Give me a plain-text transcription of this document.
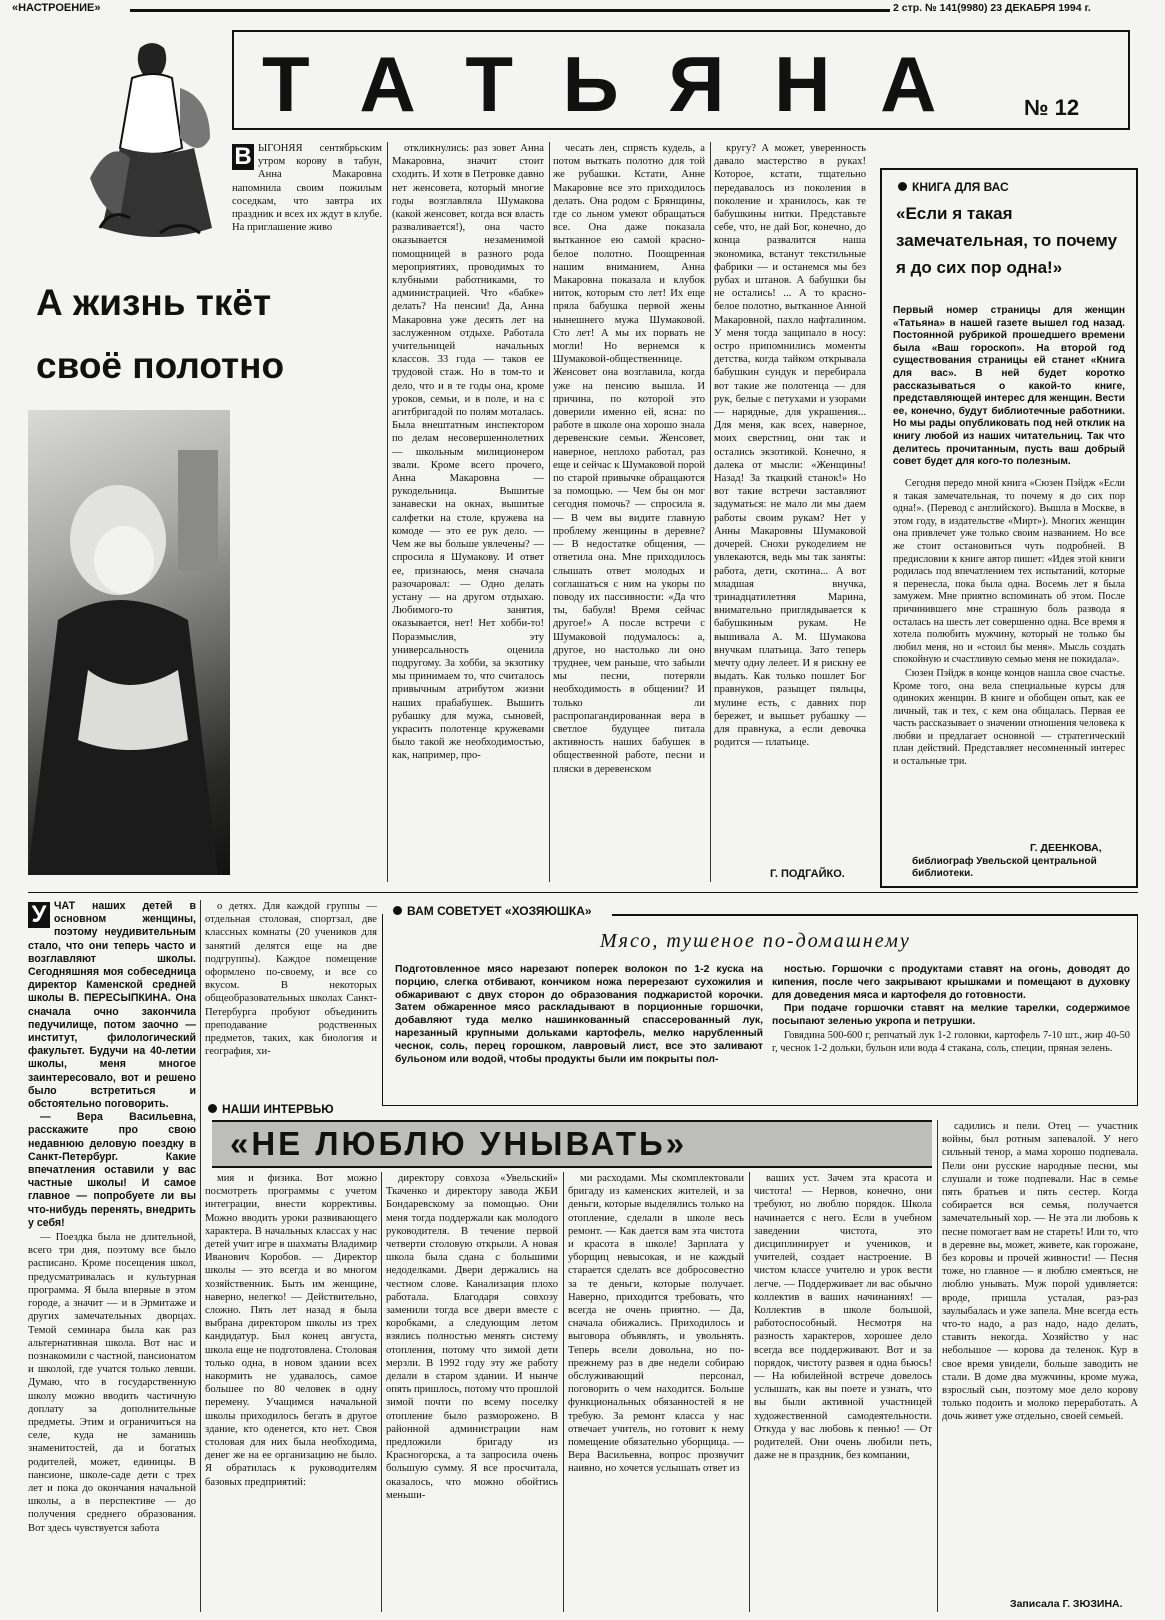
«НАСТРОЕНИЕ»	2 стр. № 141(9980) 23 ДЕКАБРЯ 1994 г.
Т А Т Ь Я Н А	№ 12
А жизнь ткёт
своё полотно
В ЫГОНЯЯ сентябрьским утром корову в табун, Анна Макаровна напомнила своим пожилым соседкам, что завтра их праздник и всех их ждут в клубе. На приглашение живо

откликнулись: раз зовет Анна Макаровна, значит стоит сходить. И хотя в Петровке давно нет женсовета, который многие годы возглавляла Шумакова (какой женсовет, когда вся власть разваливается!), она часто оказывается незаменимой помощницей в разного рода мероприятиях, проводимых то клубными работниками, то администрацией. Что «бабке» делать? На пенсии! Да, Анна Макаровна уже десять лет на заслуженном отдыхе. Работала учительницей начальных классов. 33 года — таков ее трудовой стаж. Но в том-то и дело, что и в те годы она, кроме уроков, семьи, и в поле, и на с агитбригадой по полям моталась. Была внештатным инспектором по делам несовершеннолетних — школьным милиционером звали. Кроме всего прочего, Анна Макаровна — рукодельница. Вышитые занавески на окнах, вышитые салфетки на столе, кружева на комоде — это ее рук дело. — Чем же вы больше увлечены? — спросила я Шумакову. И ответ ее, признаюсь, меня сначала разочаровал: — Одно делать устану — на другом отдыхаю. Любимого-то занятия, оказывается, нет! Нет хобби-то! Поразмыслив, эту универсальность оценила подругому. За хобби, за экзотику мы принимаем то, что считалось привычным атрибутом жизни наших прабабушек. Вышить рубашку для мужа, сыновей, украсить полотенце кружевами было такой же необходимостью, как, например, про-

чесать лен, спрясть кудель, а потом выткать полотно для той же рубашки. Кстати, Анне Макаровне все это приходилось делать. Она родом с Брянщины, где со льном умеют обращаться все. Она даже показала вытканное ею самой красно-белое полотно. Поощренная нашим вниманием, Анна Макаровна показала и клубок ниток, которым сто лет! Их еще пряла бабушка первой жены нынешнего мужа Шумаковой. Сто лет! А мы их порвать не могли! Но вернемся к Шумаковой-общественнице. Женсовет она возглавила, когда уже на пенсию вышла. И причина, по которой это доверили именно ей, ясна: по работе в школе она хорошо знала деревенские семьи. Женсовет, наверное, неплохо работал, раз еще и сейчас к Шумаковой порой по старой привычке обращаются за помощью. — Чем бы он мог сегодня помочь? — спросила я. — В чем вы видите главную проблему женщины в деревне? — В недостатке общения, — ответила она. Мне приходилось слышать ответ молодых и соглашаться с ним на укоры по поводу их пассивности: «Да что ты, бабуля! Время сейчас другое!» А после встречи с Шумаковой подумалось: а, другое, но настолько ли оно труднее, чем раньше, что забыли мы песни, потеряли необходимость в общении? И только ли распропагандированная вера в светлое будущее питала активность наших бабушек в общественной работе, песни и пляски в деревенском

кругу? А может, уверенность давало мастерство в руках! Которое, кстати, тщательно передавалось из поколения в поколение и хранилось, как те бабушкины нитки. Представьте себе, что, не дай Бог, конечно, до конца развалится наша экономика, встанут текстильные фабрики — и останемся мы без рубах и штанов. А бабушки бы не остались! ... А то красно-белое полотно, вытканное Анной Макаровной, пахло нафталином. У меня тогда защипало в носу: остро припомнились моменты детства, когда тайком открывала бабушкин сундук и перебирала вот такие же полотенца — для рук, белые с петухами и узорами — нарядные, для украшения... Для меня, как всех, наверное, моих сверстниц, они так и остались экзотикой. Конечно, я далека от мысли: «Женщины! Назад! За ткацкий станок!» Но вот такие встречи заставляют задуматься: не мало ли мы даем работы своим рукам? Нет у Анны Макаровны Шумаковой дочерей. Снохи рукоделием не увлекаются, ведь мы так заняты: работа, дети, скотина... А вот младшая внучка, тринадцатилетняя Марина, внимательно приглядывается к бабушкиным рукам. Не вышивала А. М. Шумакова внучкам платьица. Зато теперь мечту одну лелеет. И я рискну ее выдать. Как только пошлет Бог правнуков, разыщет пяльцы, мулине есть, с давних пор бережет, и вышьет рубашку — для правнука, а если девочка родится — платьице.

Г. ПОДГАЙКО.
КНИГА ДЛЯ ВАС
«Если я такая замечательная, то почему я до сих пор одна!»
Первый номер страницы для женщин «Татьяна» в нашей газете вышел год назад. Постоянной рубрикой прошедшего времени была «Ваш гороскоп». На второй год существования страницы ей станет «Книга для вас». В ней будет коротко рассказываться о какой-то книге, представляющей интерес для женщин. Вести ее, конечно, будут библиотечные работники. Но мы рады опубликовать под ней отклик на книгу любой из наших читательниц. Так что делитесь прочитанным, пусть ваш добрый совет будет для кого-то полезным.

Сегодня передо мной книга «Сюзен Пэйдж «Если я такая замечательная, то почему я до сих пор одна!». (Перевод с английского). Вышла в Москве, в этом году, в издательстве «Мирт»). Многих женщин она привлечет уже только своим названием. Но все же стоит остановиться чуть подробней. В предисловии к книге автор пишет: «Идея этой книги родилась под впечатлением тех испытаний, которые я перенесла, пока была одна. Восемь лет я была замужем. Мне приятно вспоминать об этом. После причинившего мне страшную боль развода я осталась на шесть лет совершенно одна. Все время я хотела полюбить мужчину, который не только бы любил меня, но и «стоил бы меня». Мысль создать спокойную и счастливую семью меня не покидала».

Сюзен Пэйдж в конце концов нашла свое счастье. Кроме того, она вела специальные курсы для одиноких женщин. В книге и обобщен опыт, как ее личный, так и тех, с кем она общалась. Первая ее часть рассказывает о значении отношения человека к любви и предлагает основной — стратегический план действий. Представляет несомненный интерес и остальные три.

Г. ДЕЕНКОВА,
библиограф Увельской центральной библиотеки.
У ЧАТ наших детей в основном женщины, поэтому неудивительным стало, что они теперь часто и возглавляют школы. Сегодняшняя моя собеседница директор Каменской средней школы В. ПЕРЕСЫПКИНА. Она сначала очно закончила педучилище, потом заочно — институт, филологический факультет. Будучи на 40-летии школы, меня многое заинтересовало, вот и решено было встретиться и обстоятельно поговорить.

— Вера Васильевна, расскажите про свою недавнюю деловую поездку в Санкт-Петербург. Какие впечатления оставили у вас частные школы! И самое главное — попробуете ли вы что-нибудь перенять, внедрить у себя!

— Поездка была не длительной, всего три дня, поэтому все было расписано. Кроме посещения школ, предусматривалась и культурная программа. Я была впервые в этом городе, а значит — и в Эрмитаже и других замечательных дворцах. Темой семинара была как раз альтернативная школа. Вот нас и познакомили с частной, пансионатом и школой, где учатся только левши. Думаю, что в государственную школу можно вводить частичную доплату за дополнительные предметы. Этим и ограничиться на селе, куда не заманишь знаменитостей, да и богатых родителей, может, единицы. В пансионе, школе-саде дети с трех лет и пока до окончания начальной школы, а в перспективе — до получения среднего образования. Вот здесь чувствуется забота

о детях. Для каждой группы — отдельная столовая, спортзал, две классных комнаты (20 учеников для занятий делятся еще на две подгруппы). Каждое помещение оформлено по-своему, и все со вкусом. В некоторых общеобразовательных школах Санкт-Петербурга пробуют объединить преподавание родственных предметов, таких, как биология и география, хи-

НАШИ ИНТЕРВЬЮ
ВАМ СОВЕТУЕТ «ХОЗЯЮШКА»
Мясо, тушеное по-домашнему
Подготовленное мясо нарезают поперек волокон по 1-2 куска на порцию, слегка отбивают, кончиком ножа перерезают сухожилия и обжаривают с двух сторон до образования поджаристой корочки. Затем обжаренное мясо раскладывают в порционные горшочки, добавляют туда мелко нашинкованный спассерованный лук, нарезанный крупными дольками картофель, мелко нарубленный чеснок, соль, перец горошком, лавровый лист, все это заливают бульоном или водой, чтобы продукты были им покрыты пол-

ностью. Горшочки с продуктами ставят на огонь, доводят до кипения, после чего закрывают крышками и помещают в духовку для доведения мяса и картофеля до готовности.

При подаче горшочки ставят на мелкие тарелки, содержимое посыпают зеленью укропа и петрушки.

Говядина 500-600 г, репчатый лук 1-2 головки, картофель 7-10 шт., жир 40-50 г, чеснок 1-2 дольки, бульон или вода 4 стакана, соль, специи, пряная зелень.

«НЕ ЛЮБЛЮ УНЫВАТЬ»

мия и физика. Вот можно посмотреть программы с учетом интеграции, внести коррективы. Можно вводить уроки развивающего характера. В начальных классах у нас детей учит игре в шахматы Владимир Иванович Коробов. — Директор школы — это всегда и во многом хозяйственник. Быть им женщине, наверно, нелегко! — Действительно, сложно. Пять лет назад я была выбрана директором школы из трех кандидатур. Был конец августа, школа еще не подготовлена. Столовая только одна, в новом здании всех накормить не удавалось, самое большее по 80 человек в одну перемену. Учащимся начальной школы приходилось бегать в другое здание, кто оденется, кто нет. Своя столовая для них была необходима, денег же на ее организацию не было. Я обратилась к руководителям базовых предприятий:

директору совхоза «Увельский» Ткаченко и директору завода ЖБИ Бондаревскому за помощью. Они меня тогда поддержали как молодого руководителя. В течение первой четверти столовую открыли. А новая школа была сдана с большими недоделками. Двери держались на честном слове. Канализация плохо работала. Благодаря совхозу заменили тогда все двери вместе с коробками, а следующим летом взялись полностью менять систему отопления, потому что зимой дети мерзли. В 1992 году эту же работу делали в старом здании. И нынче опять пришлось, потому что прошлой зимой почти по всему поселку отопление было разморожено. В районной администрации нам предложили бригаду из Красногорска, а та запросила очень большую сумму. Я все просчитала, оказалось, что можно обойтись меньши-

ми расходами. Мы скомплектовали бригаду из каменских жителей, и за деньги, которые выделялись только на отопление, сделали в школе весь ремонт. — Как дается вам эта чистота и красота в школе! Зарплата у уборщиц невысокая, и не каждый старается сделать все добросовестно за те деньги, которые получает. Наверно, приходится требовать, что всегда не очень приятно. — Да, сначала обижались. Приходилось и выговора объявлять, и увольнять. Теперь всели довольна, но по-прежнему раз в две недели собираю обслуживающий персонал, поговорить о чем находится. Больше функциональных обязанностей я не требую. За ремонт класса у нас отвечает учитель, но готовит к нему помещение обязательно уборщица. — Вера Васильевна, вопрос прозвучит наивно, но хочется услышать ответ из

ваших уст. Зачем эта красота и чистота! — Нервов, конечно, они требуют, но люблю порядок. Школа начинается с него. Если в учебном заведении чистота, это дисциплинирует и учеников, и учителей, создает настроение. В чистом классе учителю и урок вести легче. — Поддерживает ли вас обычно коллектив в ваших начинаниях! — Коллектив в школе большой, работоспособный. Несмотря на разность характеров, хорошее дело всегда все поддерживают. Вот и за порядок, чистоту развея я одна бьюсь! — На юбилейной встрече довелось услышать, как вы поете и узнать, что вы были активной участницей художественной самодеятельности. Откуда у вас любовь к пенью! — От родителей. Они очень любили петь, даже не в праздник, без компании,

садились и пели. Отец — участник войны, был ротным запевалой. У него сильный тенор, а мама хорошо подпевала. Пели они русские народные песни, мы слушали и тоже подпевали. Нас в семье пять братьев и пять сестер. Когда собирается вся семья, получается замечательный хор. — Не эта ли любовь к песне помогает вам не стареть! Или то, что в деревне вы, может, живете, как горожане, без коровы и прочей живности! — Песня тоже, но главное — я люблю смеяться, не люблю унывать. Муж порой удивляется: вроде, пришла усталая, раз-раз заулыбалась и уже запела. Мне всегда есть что-то надо, а раз надо, надо делать, ставить некогда. Хозяйство у нас небольшое — корова да теленок. Кур в свое время увидели, больше заводить не стали. В доме два мужчины, кроме мужа, взрослый сын, поэтому мое дело корову только подоить и молоко переработать. А дочь живет уже отдельно, своей семьей.

Записала Г. ЗЮЗИНА.
